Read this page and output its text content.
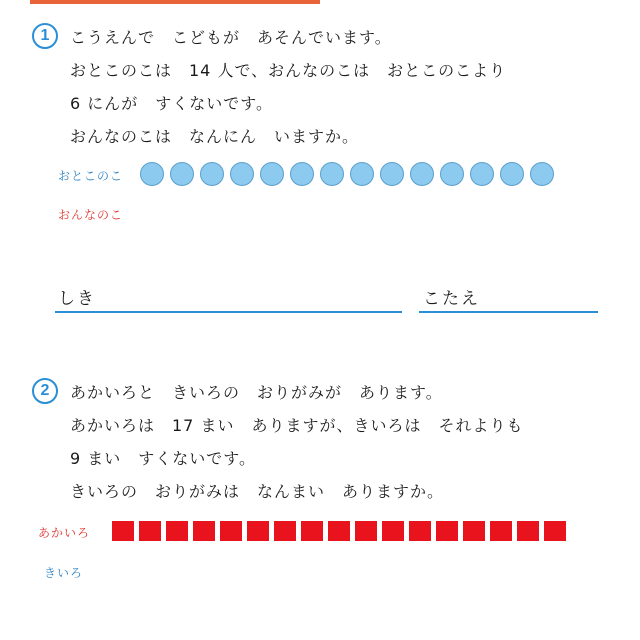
1	こうえんで　こどもが　あそんでいます。
おとこのこは　14 人で、おんなのこは　おとこのこより
6 にんが　すくないです。
おんなのこは　なんにん　いますか。
おとこのこ
おんなのこ
しき	こたえ
2	あかいろと　きいろの　おりがみが　あります。
あかいろは　17 まい　ありますが、きいろは　それよりも
9 まい　すくないです。
きいろの　おりがみは　なんまい　ありますか。
あかいろ
きいろ
